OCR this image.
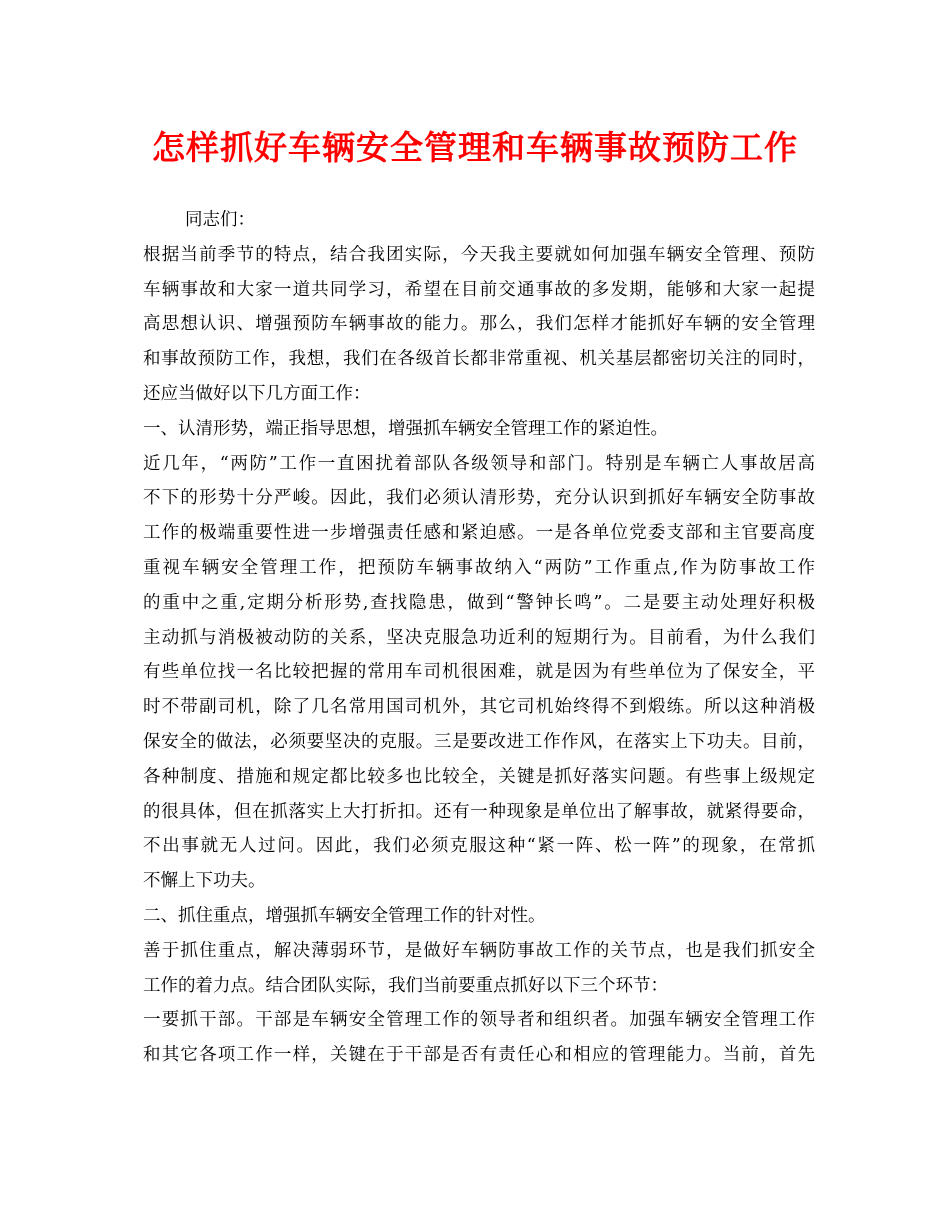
怎样抓好车辆安全管理和车辆事故预防工作
同志们：
根据当前季节的特点，结合我团实际，今天我主要就如何加强车辆安全管理、预防
车辆事故和大家一道共同学习，希望在目前交通事故的多发期，能够和大家一起提
高思想认识、增强预防车辆事故的能力。那么，我们怎样才能抓好车辆的安全管理
和事故预防工作，我想，我们在各级首长都非常重视、机关基层都密切关注的同时，
还应当做好以下几方面工作：
一、认清形势，端正指导思想，增强抓车辆安全管理工作的紧迫性。
近几年，“两防”工作一直困扰着部队各级领导和部门。特别是车辆亡人事故居高
不下的形势十分严峻。因此，我们必须认清形势，充分认识到抓好车辆安全防事故
工作的极端重要性进一步增强责任感和紧迫感。一是各单位党委支部和主官要高度
重视车辆安全管理工作，把预防车辆事故纳入“两防”工作重点,作为防事故工作
的重中之重,定期分析形势,查找隐患，做到“警钟长鸣”。二是要主动处理好积极
主动抓与消极被动防的关系，坚决克服急功近利的短期行为。目前看，为什么我们
有些单位找一名比较把握的常用车司机很困难，就是因为有些单位为了保安全，平
时不带副司机，除了几名常用国司机外，其它司机始终得不到煅练。所以这种消极
保安全的做法，必须要坚决的克服。三是要改进工作作风，在落实上下功夫。目前，
各种制度、措施和规定都比较多也比较全，关键是抓好落实问题。有些事上级规定
的很具体，但在抓落实上大打折扣。还有一种现象是单位出了解事故，就紧得要命，
不出事就无人过问。因此，我们必须克服这种“紧一阵、松一阵”的现象，在常抓
不懈上下功夫。
二、抓住重点，增强抓车辆安全管理工作的针对性。
善于抓住重点，解决薄弱环节，是做好车辆防事故工作的关节点，也是我们抓安全
工作的着力点。结合团队实际，我们当前要重点抓好以下三个环节：
一要抓干部。干部是车辆安全管理工作的领导者和组织者。加强车辆安全管理工作
和其它各项工作一样，关键在于干部是否有责任心和相应的管理能力。当前，首先
